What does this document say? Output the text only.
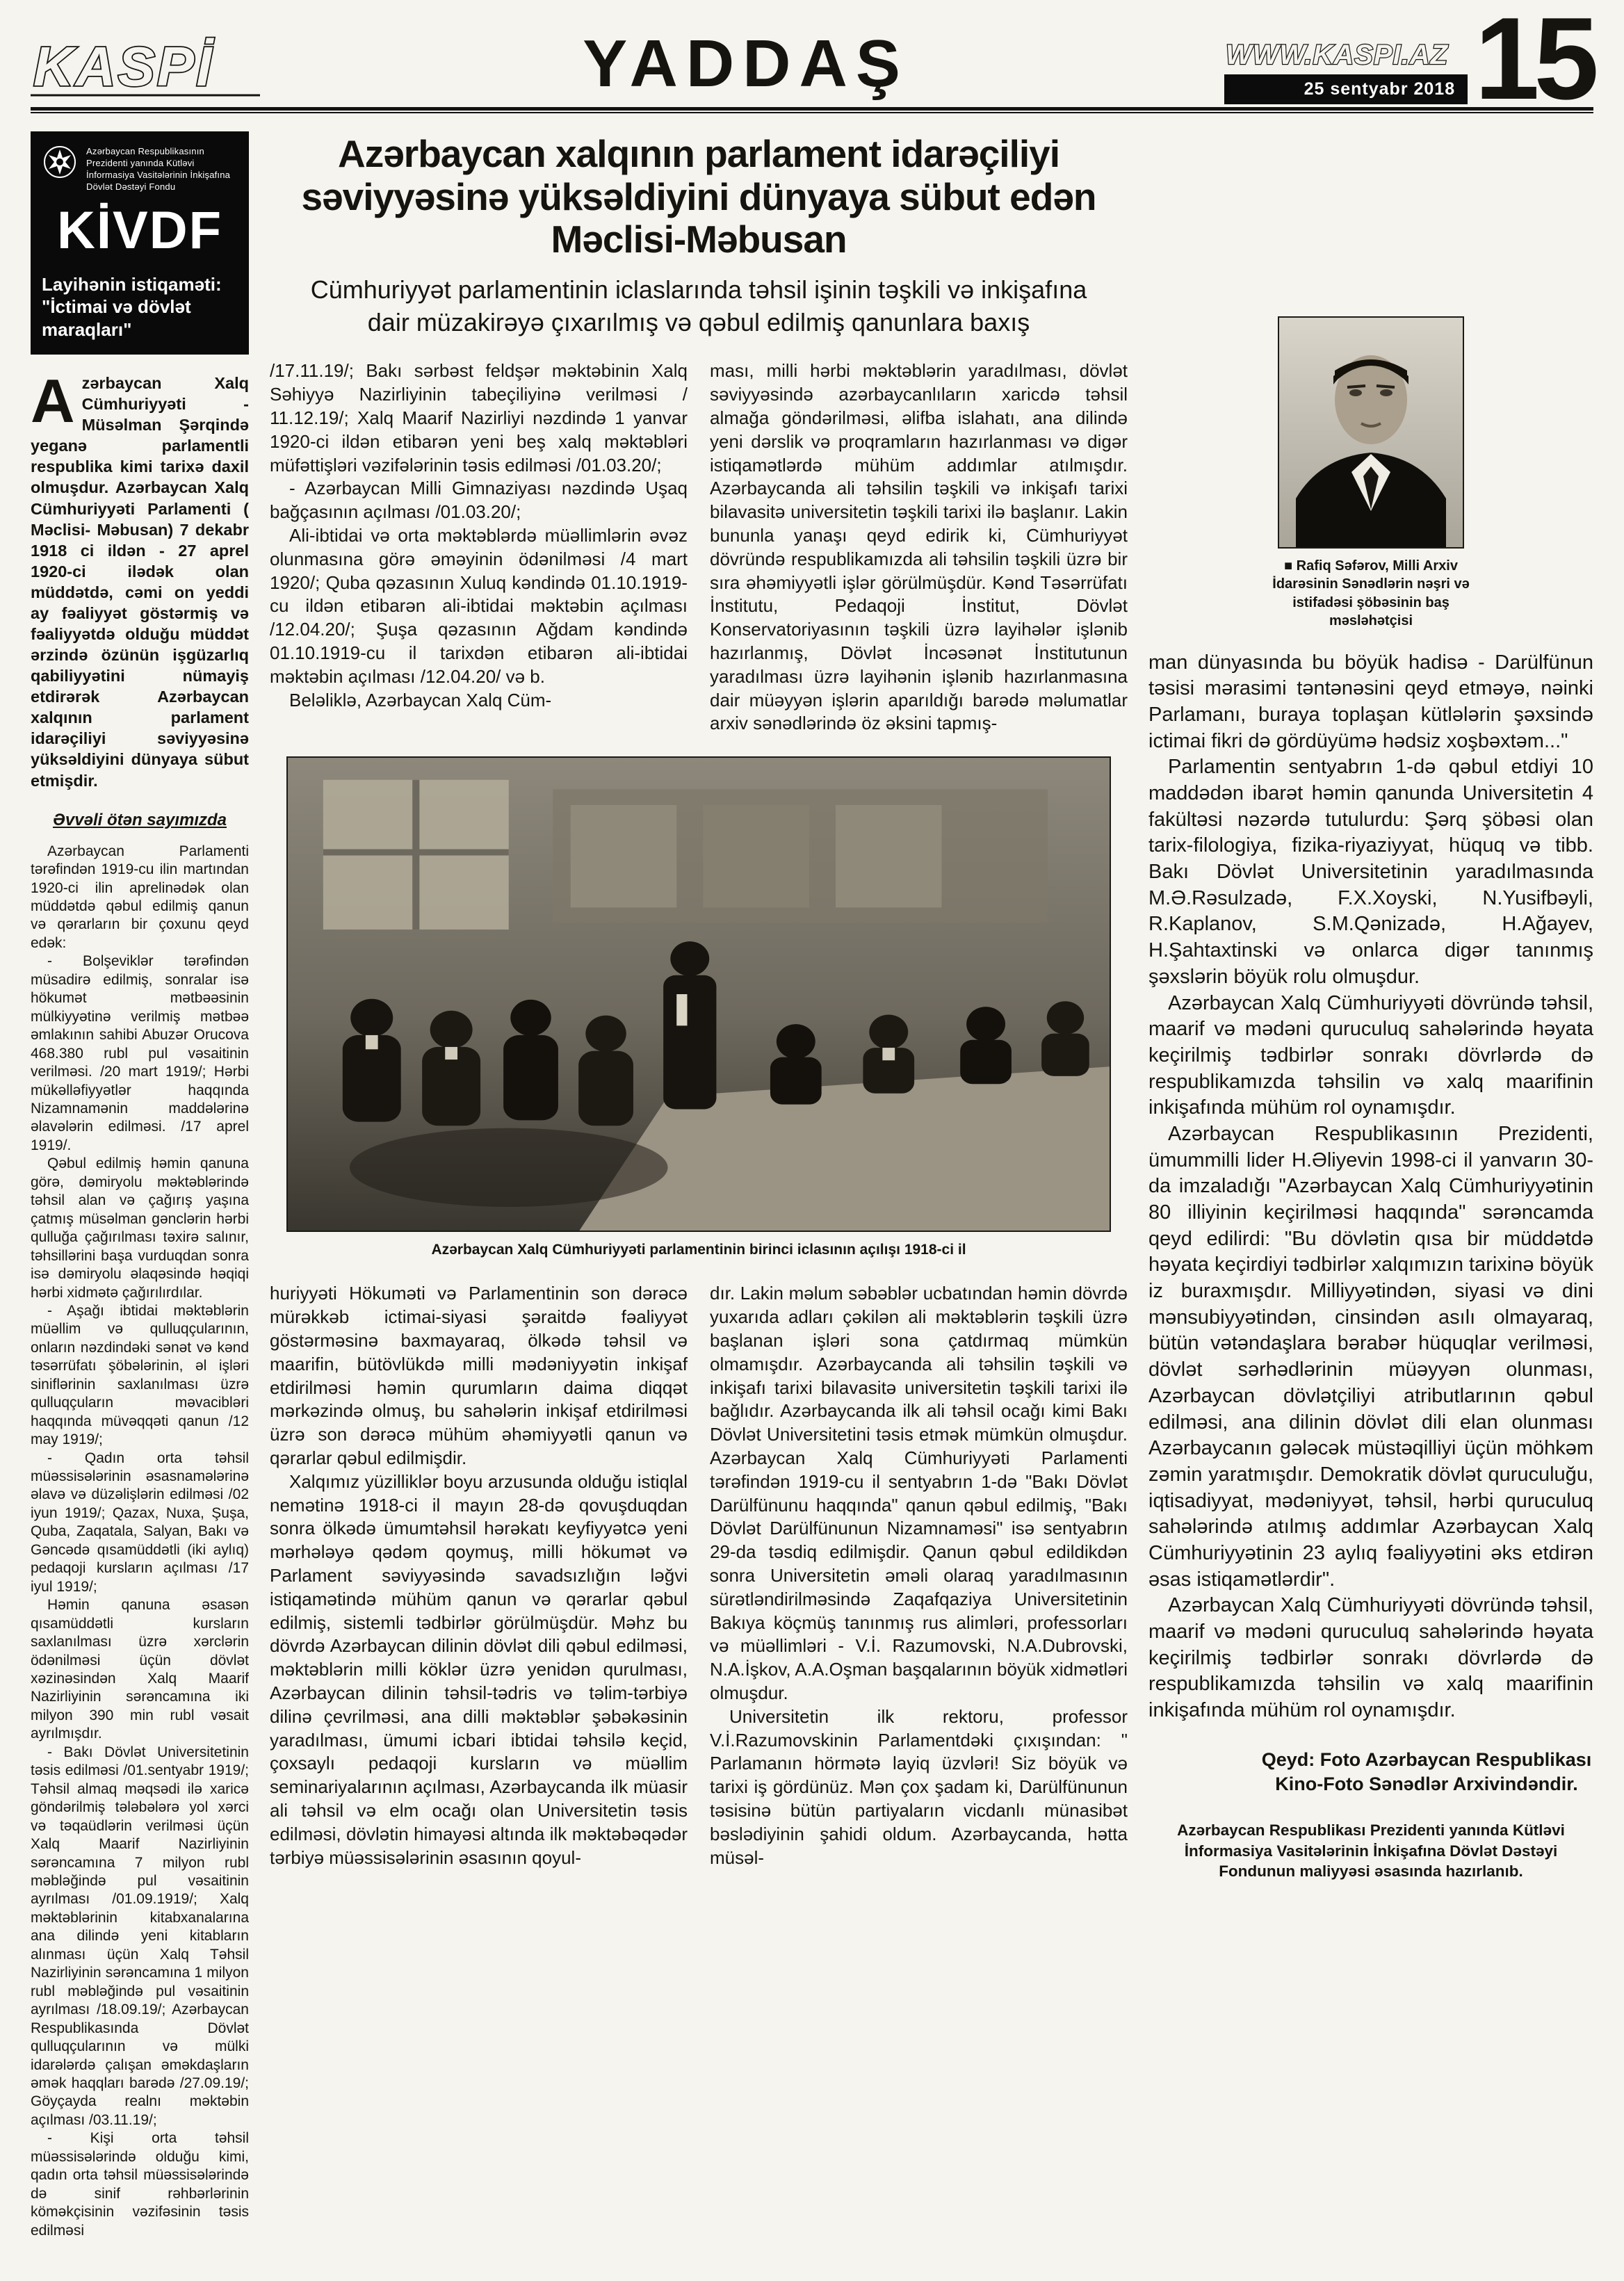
KASPİ	YADDAŞ	WWW.KASPI.AZ
25 sentyabr 2018 15
Azərbaycan Respublikasının Prezidenti yanında Kütləvi İnformasiya Vasitələrinin İnkişafına Dövlət Dəstəyi Fondu
KİVDF
Layihənin istiqaməti:
"İctimai və dövlət maraqları"

Azərbaycan Xalq Cümhuriyyəti - Müsəlman Şərqində yeganə parlamentli respublika kimi tarixə daxil olmuşdur. Azərbaycan Xalq Cümhuriyyəti Parlamenti ( Məclisi- Məbusan) 7 dekabr 1918 ci ildən - 27 aprel 1920-ci ilədək olan müddətdə, cəmi on yeddi ay fəaliyyət göstərmiş və fəaliyyətdə olduğu müddət ərzində özünün işgüzarlıq qabiliyyətini nümayiş etdirərək Azərbaycan xalqının parlament idarəçiliyi səviyyəsinə yüksəldiyini dünyaya sübut etmişdir.

Əvvəli ötən sayımızda

Azərbaycan Parlamenti tərəfindən 1919-cu ilin martından 1920-ci ilin aprelinədək olan müddətdə qəbul edilmiş qanun və qərarların bir çoxunu qeyd edək:

- Bolşeviklər tərəfindən müsadirə edilmiş, sonralar isə hökumət mətbəəsinin mülkiyyətinə verilmiş mətbəə əmlakının sahibi Abuzər Orucova 468.380 rubl pul vəsaitinin verilməsi. /20 mart 1919/; Hərbi mükəlləfiyyətlər haqqında Nizamnamənin maddələrinə əlavələrin edilməsi. /17 aprel 1919/.

Qəbul edilmiş həmin qanuna görə, dəmiryolu məktəblərində təhsil alan və çağırış yaşına çatmış müsəlman gənclərin hərbi qulluğa çağırılması təxirə salınır, təhsillərini başa vurduqdan sonra isə dəmiryolu əlaqəsində həqiqi hərbi xidmətə çağırılırdılar.

- Aşağı ibtidai məktəblərin müəllim və qulluqçularının, onların nəzdindəki sənət və kənd təsərrüfatı şöbələrinin, əl işləri siniflərinin saxlanılması üzrə qulluqçuların məvacibləri haqqında müvəqqəti qanun /12 may 1919/;

- Qadın orta təhsil müəssisələrinin əsasnamələrinə əlavə və düzəlişlərin edilməsi /02 iyun 1919/; Qazax, Nuxa, Şuşa, Quba, Zaqatala, Salyan, Bakı və Gəncədə qısamüddətli (iki aylıq) pedaqoji kursların açılması /17 iyul 1919/;

Həmin qanuna əsasən qısamüddətli kursların saxlanılması üzrə xərclərin ödənilməsi üçün dövlət xəzinəsindən Xalq Maarif Nazirliyinin sərəncamına iki milyon 390 min rubl vəsait ayrılmışdır.

- Bakı Dövlət Universitetinin təsis edilməsi /01.sentyabr 1919/; Təhsil almaq məqsədi ilə xaricə göndərilmiş tələbələrə yol xərci və təqaüdlərin verilməsi üçün Xalq Maarif Nazirliyinin sərəncamına 7 milyon rubl məbləğində pul vəsaitinin ayrılması /01.09.1919/; Xalq məktəblərinin kitabxanalarına ana dilində yeni kitabların alınması üçün Xalq Təhsil Nazirliyinin sərəncamına 1 milyon rubl məbləğində pul vəsaitinin ayrılması /18.09.19/; Azərbaycan Respublikasında Dövlət qulluqçularının və mülki idarələrdə çalışan əməkdaşların əmək haqqları barədə /27.09.19/; Göyçayda realnı məktəbin açılması /03.11.19/;

- Kişi orta təhsil müəssisələrində olduğu kimi, qadın orta təhsil müəssisələrində də sinif rəhbərlərinin köməkçisinin vəzifəsinin təsis edilməsi

Azərbaycan xalqının parlament idarəçiliyi səviyyəsinə yüksəldiyini dünyaya sübut edən Məclisi-Məbusan
Cümhuriyyət parlamentinin iclaslarında təhsil işinin təşkili və inkişafına dair müzakirəyə çıxarılmış və qəbul edilmiş qanunlara baxış

/17.11.19/; Bakı sərbəst feldşər məktəbinin Xalq Səhiyyə Nazirliyinin tabeçiliyinə verilməsi / 11.12.19/; Xalq Maarif Nazirliyi nəzdində 1 yanvar 1920-ci ildən etibarən yeni beş xalq məktəbləri müfəttişləri vəzifələrinin təsis edilməsi /01.03.20/;

- Azərbaycan Milli Gimnaziyası nəzdində Uşaq bağçasının açılması /01.03.20/;

Ali-ibtidai və orta məktəblərdə müəllimlərin əvəz olunmasına görə əməyinin ödənilməsi /4 mart 1920/; Quba qəzasının Xuluq kəndində 01.10.1919-cu ildən etibarən ali-ibtidai məktəbin açılması /12.04.20/; Şuşa qəzasının Ağdam kəndində 01.10.1919-cu il tarixdən etibarən ali-ibtidai məktəbin açılması /12.04.20/ və b.

Beləliklə, Azərbaycan Xalq Cüm-

ması, milli hərbi məktəblərin yaradılması, dövlət səviyyəsində azərbaycanlıların xaricdə təhsil almağa göndərilməsi, əlifba islahatı, ana dilində yeni dərslik və proqramların hazırlanması və digər istiqamətlərdə mühüm addımlar atılmışdır. Azərbaycanda ali təhsilin təşkili və inkişafı tarixi bilavasitə universitetin təşkili tarixi ilə başlanır. Lakin bununla yanaşı qeyd edirik ki, Cümhuriyyət dövründə respublikamızda ali təhsilin təşkili üzrə bir sıra əhəmiyyətli işlər görülmüşdür. Kənd Təsərrüfatı İnstitutu, Pedaqoji İnstitut, Dövlət Konservatoriyasının təşkili üzrə layihələr işlənib hazırlanmış, Dövlət İncəsənət İnstitutunun yaradılması üzrə layihənin işlənib hazırlanmasına dair müəyyən işlərin aparıldığı barədə məlumatlar arxiv sənədlərində öz əksini tapmış-

Azərbaycan Xalq Cümhuriyyəti parlamentinin birinci iclasının açılışı 1918-ci il

huriyyəti Hökuməti və Parlamentinin son dərəcə mürəkkəb ictimai-siyasi şəraitdə fəaliyyət göstərməsinə baxmayaraq, ölkədə təhsil və maarifin, bütövlükdə milli mədəniyyətin inkişaf etdirilməsi həmin qurumların daima diqqət mərkəzində olmuş, bu sahələrin inkişaf etdirilməsi üzrə son dərəcə mühüm əhəmiyyətli qanun və qərarlar qəbul edilmişdir.

Xalqımız yüzilliklər boyu arzusunda olduğu istiqlal nemətinə 1918-ci il mayın 28-də qovuşduqdan sonra ölkədə ümumtəhsil hərəkatı keyfiyyətcə yeni mərhələyə qədəm qoymuş, milli hökumət və Parlament səviyyəsində savadsızlığın ləğvi istiqamətində mühüm qanun və qərarlar qəbul edilmiş, sistemli tədbirlər görülmüşdür. Məhz bu dövrdə Azərbaycan dilinin dövlət dili qəbul edilməsi, məktəblərin milli köklər üzrə yenidən qurulması, Azərbaycan dilinin təhsil-tədris və təlim-tərbiyə dilinə çevrilməsi, ana dilli məktəblər şəbəkəsinin yaradılması, ümumi icbari ibtidai təhsilə keçid, çoxsaylı pedaqoji kursların və müəllim seminariyalarının açılması, Azərbaycanda ilk müasir ali təhsil və elm ocağı olan Universitetin təsis edilməsi, dövlətin himayəsi altında ilk məktəbəqədər tərbiyə müəssisələrinin əsasının qoyul-

dır. Lakin məlum səbəblər ucbatından həmin dövrdə yuxarıda adları çəkilən ali məktəblərin təşkili üzrə başlanan işləri sona çatdırmaq mümkün olmamışdır. Azərbaycanda ali təhsilin təşkili və inkişafı tarixi bilavasitə universitetin təşkili tarixi ilə bağlıdır. Azərbaycanda ilk ali təhsil ocağı kimi Bakı Dövlət Universitetini təsis etmək mümkün olmuşdur. Azərbaycan Xalq Cümhuriyyəti Parlamenti tərəfindən 1919-cu il sentyabrın 1-də "Bakı Dövlət Darülfünunu haqqında" qanun qəbul edilmiş, "Bakı Dövlət Darülfünunun Nizamnaməsi" isə sentyabrın 29-da təsdiq edilmişdir. Qanun qəbul edildikdən sonra Universitetin əməli olaraq yaradılmasının sürətləndirilməsində Zaqafqaziya Universitetinin Bakıya köçmüş tanınmış rus alimləri, professorları və müəllimləri - V.İ. Razumovski, N.A.Dubrovski, N.A.İşkov, A.A.Oşman başqalarının böyük xidmətləri olmuşdur.

Universitetin ilk rektoru, professor V.İ.Razumovskinin Parlamentdəki çıxışından: " Parlamanın hörmətə layiq üzvləri! Siz böyük və tarixi iş gördünüz. Mən çox şadam ki, Darülfünunun təsisinə bütün partiyaların vicdanlı münasibət bəslədiyinin şahidi oldum. Azərbaycanda, hətta müsəl-

■ Rafiq Səfərov, Milli Arxiv İdarəsinin Sənədlərin nəşri və istifadəsi şöbəsinin baş məsləhətçisi

man dünyasında bu böyük hadisə - Darülfünun təsisi mərasimi təntənəsini qeyd etməyə, nəinki Parlamanı, buraya toplaşan kütlələrin şəxsində ictimai fikri də gördüyümə hədsiz xoşbəxtəm..."

Parlamentin sentyabrın 1-də qəbul etdiyi 10 maddədən ibarət həmin qanunda Universitetin 4 fakültəsi nəzərdə tutulurdu: Şərq şöbəsi olan tarix-filologiya, fizika-riyaziyyat, hüquq və tibb. Bakı Dövlət Universitetinin yaradılmasında M.Ə.Rəsulzadə, F.X.Xoyski, N.Yusifbəyli, R.Kaplanov, S.M.Qənizadə, H.Ağayev, H.Şahtaxtinski və onlarca digər tanınmış şəxslərin böyük rolu olmuşdur.

Azərbaycan Xalq Cümhuriyyəti dövründə təhsil, maarif və mədəni quruculuq sahələrində həyata keçirilmiş tədbirlər sonrakı dövrlərdə də respublikamızda təhsilin və xalq maarifinin inkişafında mühüm rol oynamışdır.

Azərbaycan Respublikasının Prezidenti, ümummilli lider H.Əliyevin 1998-ci il yanvarın 30-da imzaladığı "Azərbaycan Xalq Cümhuriyyətinin 80 illiyinin keçirilməsi haqqında" sərəncamda qeyd edilirdi: "Bu dövlətin qısa bir müddətdə həyata keçirdiyi tədbirlər xalqımızın tarixinə böyük iz buraxmışdır. Milliyyətindən, siyasi və dini mənsubiyyətindən, cinsindən asılı olmayaraq, bütün vətəndaşlara bərabər hüquqlar verilməsi, dövlət sərhədlərinin müəyyən olunması, Azərbaycan dövlətçiliyi atributlarının qəbul edilməsi, ana dilinin dövlət dili elan olunması Azərbaycanın gələcək müstəqilliyi üçün möhkəm zəmin yaratmışdır. Demokratik dövlət quruculuğu, iqtisadiyyat, mədəniyyət, təhsil, hərbi quruculuq sahələrində atılmış addımlar Azərbaycan Xalq Cümhuriyyətinin 23 aylıq fəaliyyətini əks etdirən əsas istiqamətlərdir".

Azərbaycan Xalq Cümhuriyyəti dövründə təhsil, maarif və mədəni quruculuq sahələrində həyata keçirilmiş tədbirlər sonrakı dövrlərdə də respublikamızda təhsilin və xalq maarifinin inkişafında mühüm rol oynamışdır.

Qeyd: Foto Azərbaycan Respublikası Kino-Foto Sənədlər Arxivindəndir.
Azərbaycan Respublikası Prezidenti yanında Kütləvi İnformasiya Vasitələrinin İnkişafına Dövlət Dəstəyi Fondunun maliyyəsi əsasında hazırlanıb.
